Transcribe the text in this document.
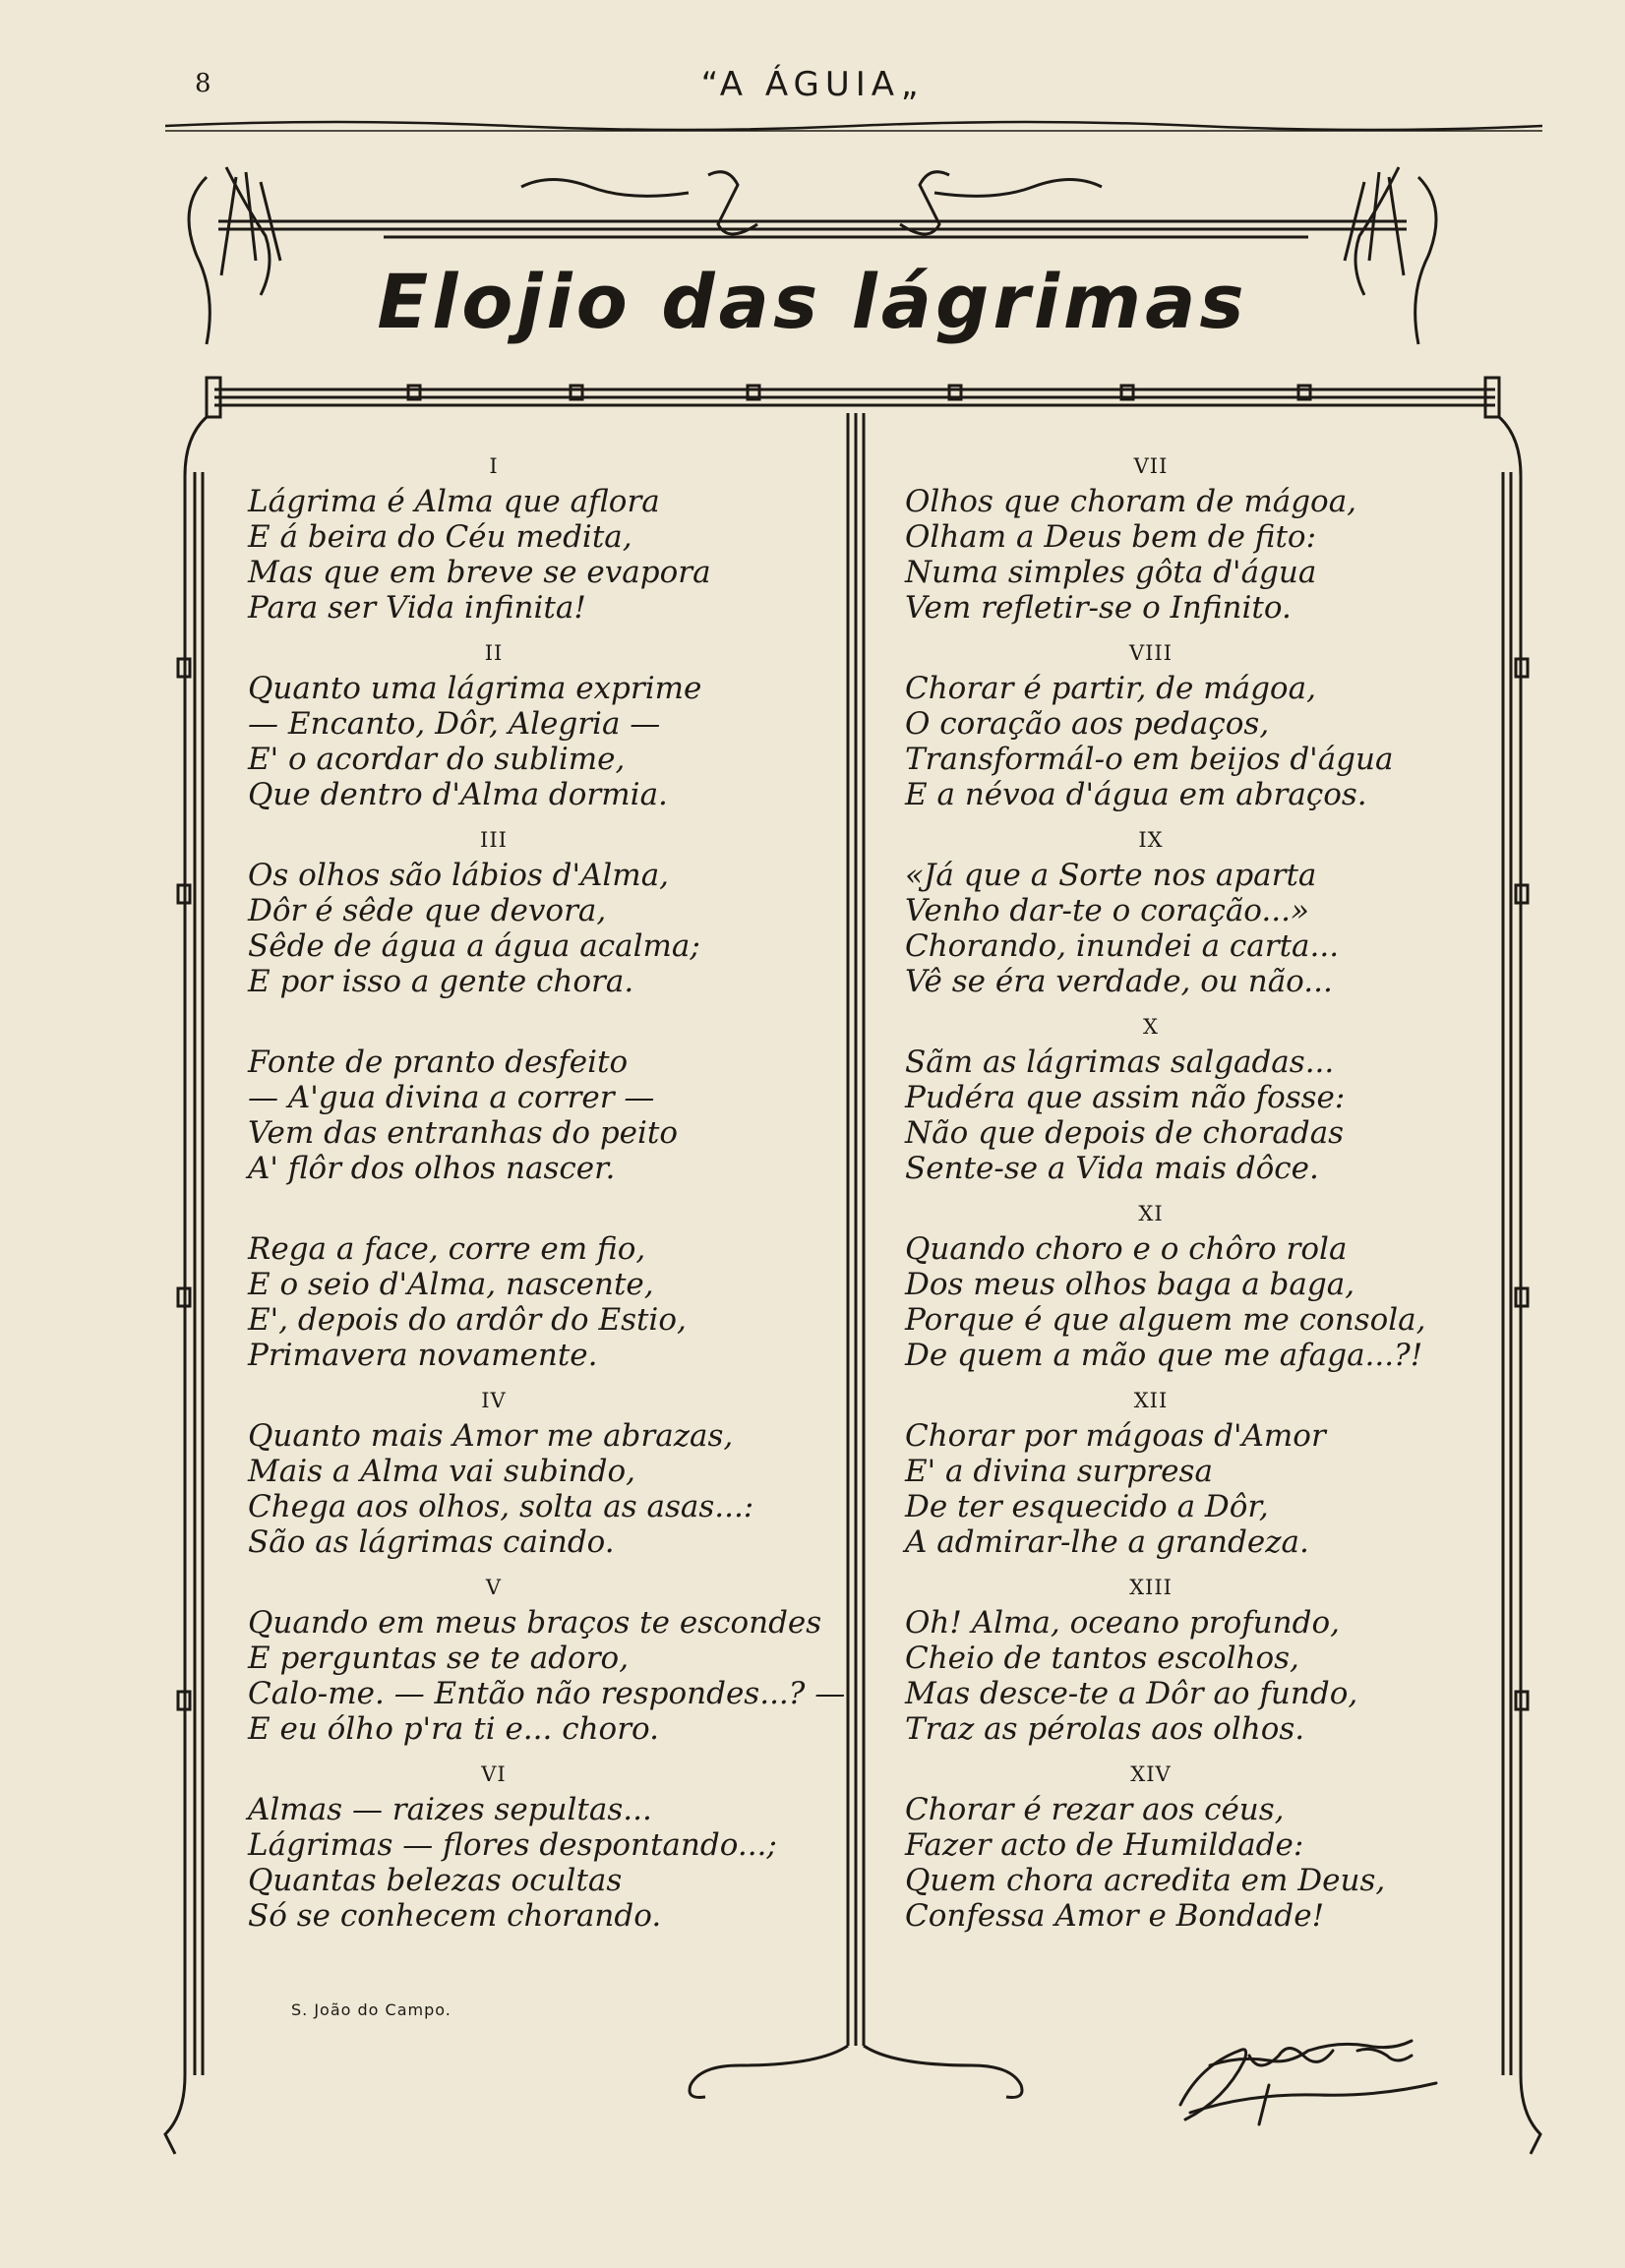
8	“A ÁGUIA„
Elojio das lágrimas
I
Lágrima é Alma que aflora
E á beira do Céu medita,
Mas que em breve se evapora
Para ser Vida infinita!
II
Quanto uma lágrima exprime
— Encanto, Dôr, Alegria —
E' o acordar do sublime,
Que dentro d'Alma dormia.
III
Os olhos são lábios d'Alma,
Dôr é sêde que devora,
Sêde de água a água acalma;
E por isso a gente chora.
Fonte de pranto desfeito
— A'gua divina a correr —
Vem das entranhas do peito
A' flôr dos olhos nascer.
Rega a face, corre em fio,
E o seio d'Alma, nascente,
E', depois do ardôr do Estio,
Primavera novamente.
IV
Quanto mais Amor me abrazas,
Mais a Alma vai subindo,
Chega aos olhos, solta as asas...:
São as lágrimas caindo.
V
Quando em meus braços te escondes
E perguntas se te adoro,
Calo-me. — Então não respondes...? —
E eu ólho p'ra ti e... choro.
VI
Almas — raizes sepultas...
Lágrimas — flores despontando...;
Quantas belezas ocultas
Só se conhecem chorando.
VII
Olhos que choram de mágoa,
Olham a Deus bem de fito:
Numa simples gôta d'água
Vem refletir-se o Infinito.
VIII
Chorar é partir, de mágoa,
O coração aos pedaços,
Transformál-o em beijos d'água
E a névoa d'água em abraços.
IX
«Já que a Sorte nos aparta
Venho dar-te o coração...»
Chorando, inundei a carta...
Vê se éra verdade, ou não...
X
Sãm as lágrimas salgadas...
Pudéra que assim não fosse:
Não que depois de choradas
Sente-se a Vida mais dôce.
XI
Quando choro e o chôro rola
Dos meus olhos baga a baga,
Porque é que alguem me consola,
De quem a mão que me afaga...?!
XII
Chorar por mágoas d'Amor
E' a divina surpresa
De ter esquecido a Dôr,
A admirar-lhe a grandeza.
XIII
Oh! Alma, oceano profundo,
Cheio de tantos escolhos,
Mas desce-te a Dôr ao fundo,
Traz as pérolas aos olhos.
XIV
Chorar é rezar aos céus,
Fazer acto de Humildade:
Quem chora acredita em Deus,
Confessa Amor e Bondade!
S. João do Campo.
